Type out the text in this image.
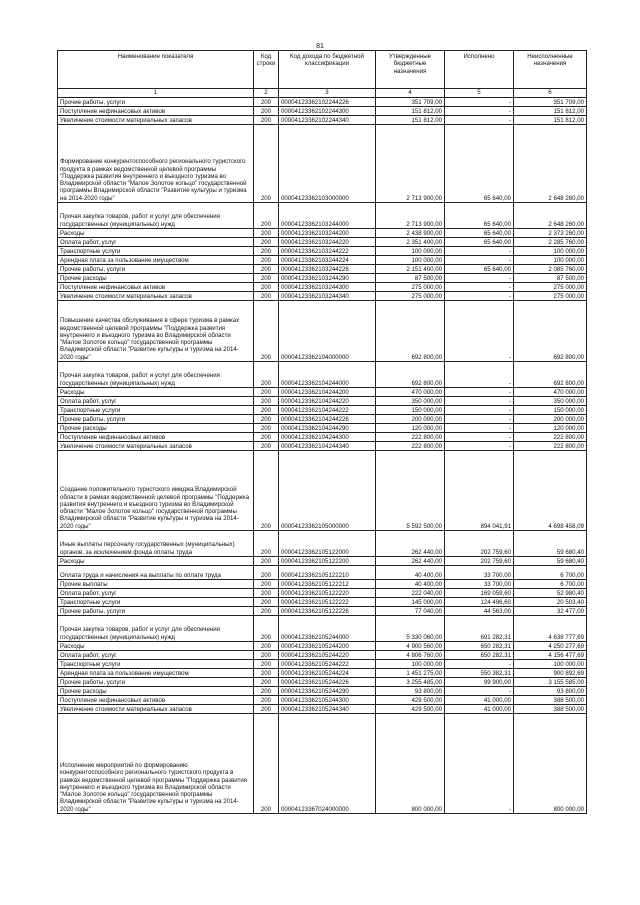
81
Наименование показателя	Код строки	Код дохода по бюджетной классификации	Утвержденные бюджетные назначения	Исполнено	Неисполненные назначения
1	2	3	4	5	6
Прочие работы, услуги	200	00004123362102244226	351 709,00	-	351 709,00
Поступление нефинансовых активов	200	00004123362102244300	151 812,00	-	151 812,00
Увеличение стоимости материальных запасов	200	00004123362102244340	151 812,00	-	151 812,00
Формирование конкурентоспособного регионального туристского продукта в рамках ведомственной целевой программы "Поддержка развития внутреннего и въездного туризма во Владимирской области "Малое Золотое кольцо" государственной программы Владимирской области "Развитие культуры и туризма на 2014-2020 годы"	200	00004123362103000000	2 713 900,00	65 640,00	2 648 260,00
Прочая закупка товаров, работ и услуг для обеспечения государственных (муниципальных) нужд	200	00004123362103244000	2 713 900,00	65 640,00	2 648 260,00
Расходы	200	00004123362103244200	2 438 900,00	65 640,00	2 373 260,00
Оплата работ, услуг	200	00004123362103244220	2 351 400,00	65 640,00	2 285 760,00
Транспортные услуги	200	00004123362103244222	100 000,00	-	100 000,00
Арендная плата за пользование имуществом	200	00004123362103244224	100 000,00	-	100 000,00
Прочие работы, услуги	200	00004123362103244226	2 151 400,00	65 640,00	2 085 760,00
Прочие расходы	200	00004123362103244290	87 500,00	-	87 500,00
Поступление нефинансовых активов	200	00004123362103244300	275 000,00	-	275 000,00
Увеличение стоимости материальных запасов	200	00004123362103244340	275 000,00	-	275 000,00
Повышение качества обслуживания в сфере туризма в рамках ведомственной целевой программы "Поддержка развития внутреннего и въездного туризма во Владимирской области "Малое Золотое кольцо" государственной программы Владимирской области "Развитие культуры и туризма на 2014-2020 годы"	200	00004123362104000000	692 800,00	-	692 800,00
Прочая закупка товаров, работ и услуг для обеспечения государственных (муниципальных) нужд	200	00004123362104244000	692 800,00	-	692 800,00
Расходы	200	00004123362104244200	470 000,00	-	470 000,00
Оплата работ, услуг	200	00004123362104244220	350 000,00	-	350 000,00
Транспортные услуги	200	00004123362104244222	150 000,00	-	150 000,00
Прочие работы, услуги	200	00004123362104244226	200 000,00	-	200 000,00
Прочие расходы	200	00004123362104244290	120 000,00	-	120 000,00
Поступление нефинансовых активов	200	00004123362104244300	222 800,00	-	222 800,00
Увеличение стоимости материальных запасов	200	00004123362104244340	222 800,00	-	222 800,00
Создание положительного туристского имиджа Владимирской области в рамках ведомственной целевой программы "Поддержка развития внутреннего и въездного туризма во Владимирской области "Малое Золотое кольцо" государственной программы Владимирской области "Развитие культуры и туризма на 2014-2020 годы"	200	00004123362105000000	5 592 500,00	894 041,91	4 698 458,09
Иные выплаты персоналу государственных (муниципальных) органов, за исключением фонда оплаты труда	200	00004123362105122000	262 440,00	202 759,60	59 680,40
Расходы	200	00004123362105122200	262 440,00	202 759,60	59 680,40
Оплата труда и начисления на выплаты по оплате труда	200	00004123362105122210	40 400,00	33 700,00	6 700,00
Прочие выплаты	200	00004123362105122212	40 400,00	33 700,00	6 700,00
Оплата работ, услуг	200	00004123362105122220	222 040,00	169 059,60	52 980,40
Транспортные услуги	200	00004123362105122222	145 000,00	124 496,60	20 503,40
Прочие работы, услуги	200	00004123362105122226	77 040,00	44 563,00	32 477,00
Прочая закупка товаров, работ и услуг для обеспечения государственных (муниципальных) нужд	200	00004123362105244000	5 330 060,00	691 282,31	4 638 777,69
Расходы	200	00004123362105244200	4 900 560,00	650 282,31	4 250 277,69
Оплата работ, услуг	200	00004123362105244220	4 806 760,00	650 282,31	4 156 477,69
Транспортные услуги	200	00004123362105244222	100 000,00	-	100 000,00
Арендная плата за пользование имуществом	200	00004123362105244224	1 451 275,00	550 382,31	900 892,69
Прочие работы, услуги	200	00004123362105244226	3 255 485,00	99 900,00	3 155 585,00
Прочие расходы	200	00004123362105244290	93 800,00	-	93 800,00
Поступление нефинансовых активов	200	00004123362105244300	429 500,00	41 000,00	388 500,00
Увеличение стоимости материальных запасов	200	00004123362105244340	429 500,00	41 000,00	388 500,00
Исполнение мероприятий по формированию конкурентоспособного регионального туристского продукта в рамках ведомственной целевой программы "Поддержка развития внутреннего и въездного туризма во Владимирской области "Малое Золотое кольцо" государственной программы Владимирской области "Развитие культуры и туризма на 2014-2020 годы"	200	00004123367024000000	800 000,00	-	800 000,00
